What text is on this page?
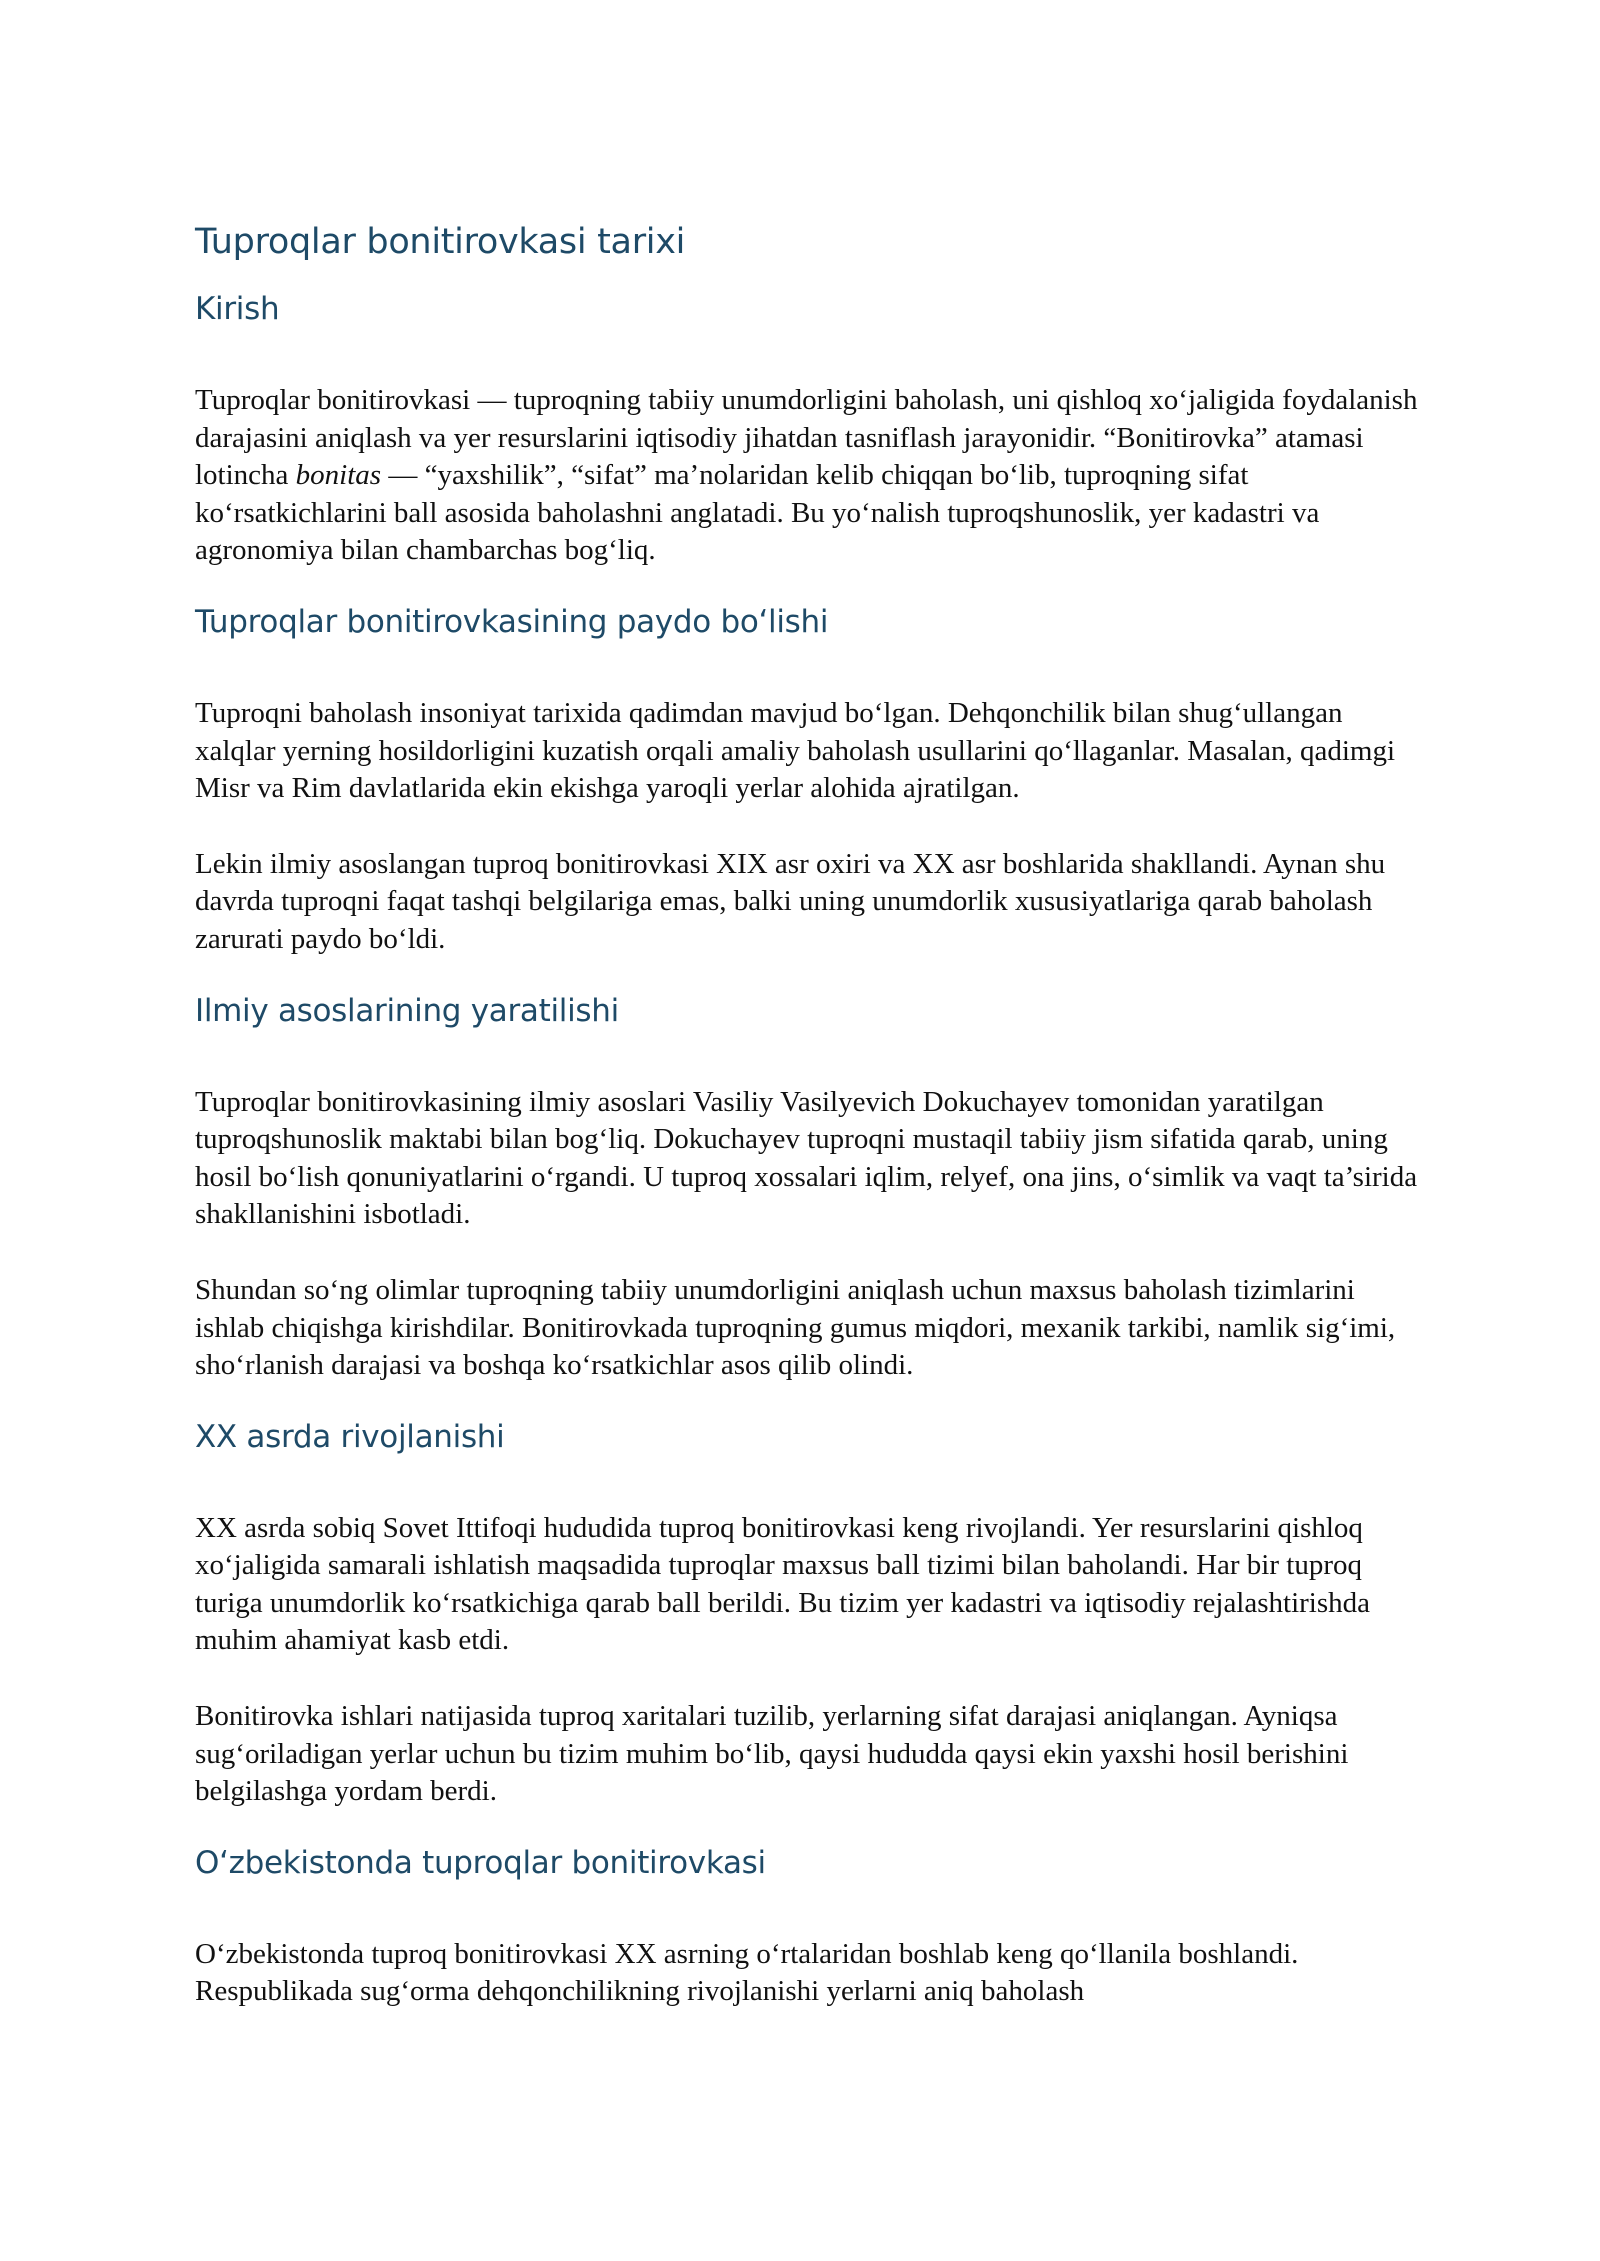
Tuproqlar bonitirovkasi tarixi
Kirish

Tuproqlar bonitirovkasi — tuproqning tabiiy unumdorligini baholash, uni qishloq xo‘jaligida foydalanish darajasini aniqlash va yer resurslarini iqtisodiy jihatdan tasniflash jarayonidir. “Bonitirovka” atamasi lotincha bonitas — “yaxshilik”, “sifat” ma’nolaridan kelib chiqqan bo‘lib, tuproqning sifat ko‘rsatkichlarini ball asosida baholashni anglatadi. Bu yo‘nalish tuproqshunoslik, yer kadastri va agronomiya bilan chambarchas bog‘liq.

Tuproqlar bonitirovkasining paydo bo‘lishi

Tuproqni baholash insoniyat tarixida qadimdan mavjud bo‘lgan. Dehqonchilik bilan shug‘ullangan xalqlar yerning hosildorligini kuzatish orqali amaliy baholash usullarini qo‘llaganlar. Masalan, qadimgi Misr va Rim davlatlarida ekin ekishga yaroqli yerlar alohida ajratilgan.

Lekin ilmiy asoslangan tuproq bonitirovkasi XIX asr oxiri va XX asr boshlarida shakllandi. Aynan shu davrda tuproqni faqat tashqi belgilariga emas, balki uning unumdorlik xususiyatlariga qarab baholash zarurati paydo bo‘ldi.

Ilmiy asoslarining yaratilishi

Tuproqlar bonitirovkasining ilmiy asoslari Vasiliy Vasilyevich Dokuchayev tomonidan yaratilgan tuproqshunoslik maktabi bilan bog‘liq. Dokuchayev tuproqni mustaqil tabiiy jism sifatida qarab, uning hosil bo‘lish qonuniyatlarini o‘rgandi. U tuproq xossalari iqlim, relyef, ona jins, o‘simlik va vaqt ta’sirida shakllanishini isbotladi.

Shundan so‘ng olimlar tuproqning tabiiy unumdorligini aniqlash uchun maxsus baholash tizimlarini ishlab chiqishga kirishdilar. Bonitirovkada tuproqning gumus miqdori, mexanik tarkibi, namlik sig‘imi, sho‘rlanish darajasi va boshqa ko‘rsatkichlar asos qilib olindi.

XX asrda rivojlanishi

XX asrda sobiq Sovet Ittifoqi hududida tuproq bonitirovkasi keng rivojlandi. Yer resurslarini qishloq xo‘jaligida samarali ishlatish maqsadida tuproqlar maxsus ball tizimi bilan baholandi. Har bir tuproq turiga unumdorlik ko‘rsatkichiga qarab ball berildi. Bu tizim yer kadastri va iqtisodiy rejalashtirishda muhim ahamiyat kasb etdi.

Bonitirovka ishlari natijasida tuproq xaritalari tuzilib, yerlarning sifat darajasi aniqlangan. Ayniqsa sug‘oriladigan yerlar uchun bu tizim muhim bo‘lib, qaysi hududda qaysi ekin yaxshi hosil berishini belgilashga yordam berdi.

O‘zbekistonda tuproqlar bonitirovkasi

O‘zbekistonda tuproq bonitirovkasi XX asrning o‘rtalaridan boshlab keng qo‘llanila boshlandi. Respublikada sug‘orma dehqonchilikning rivojlanishi yerlarni aniq baholash
